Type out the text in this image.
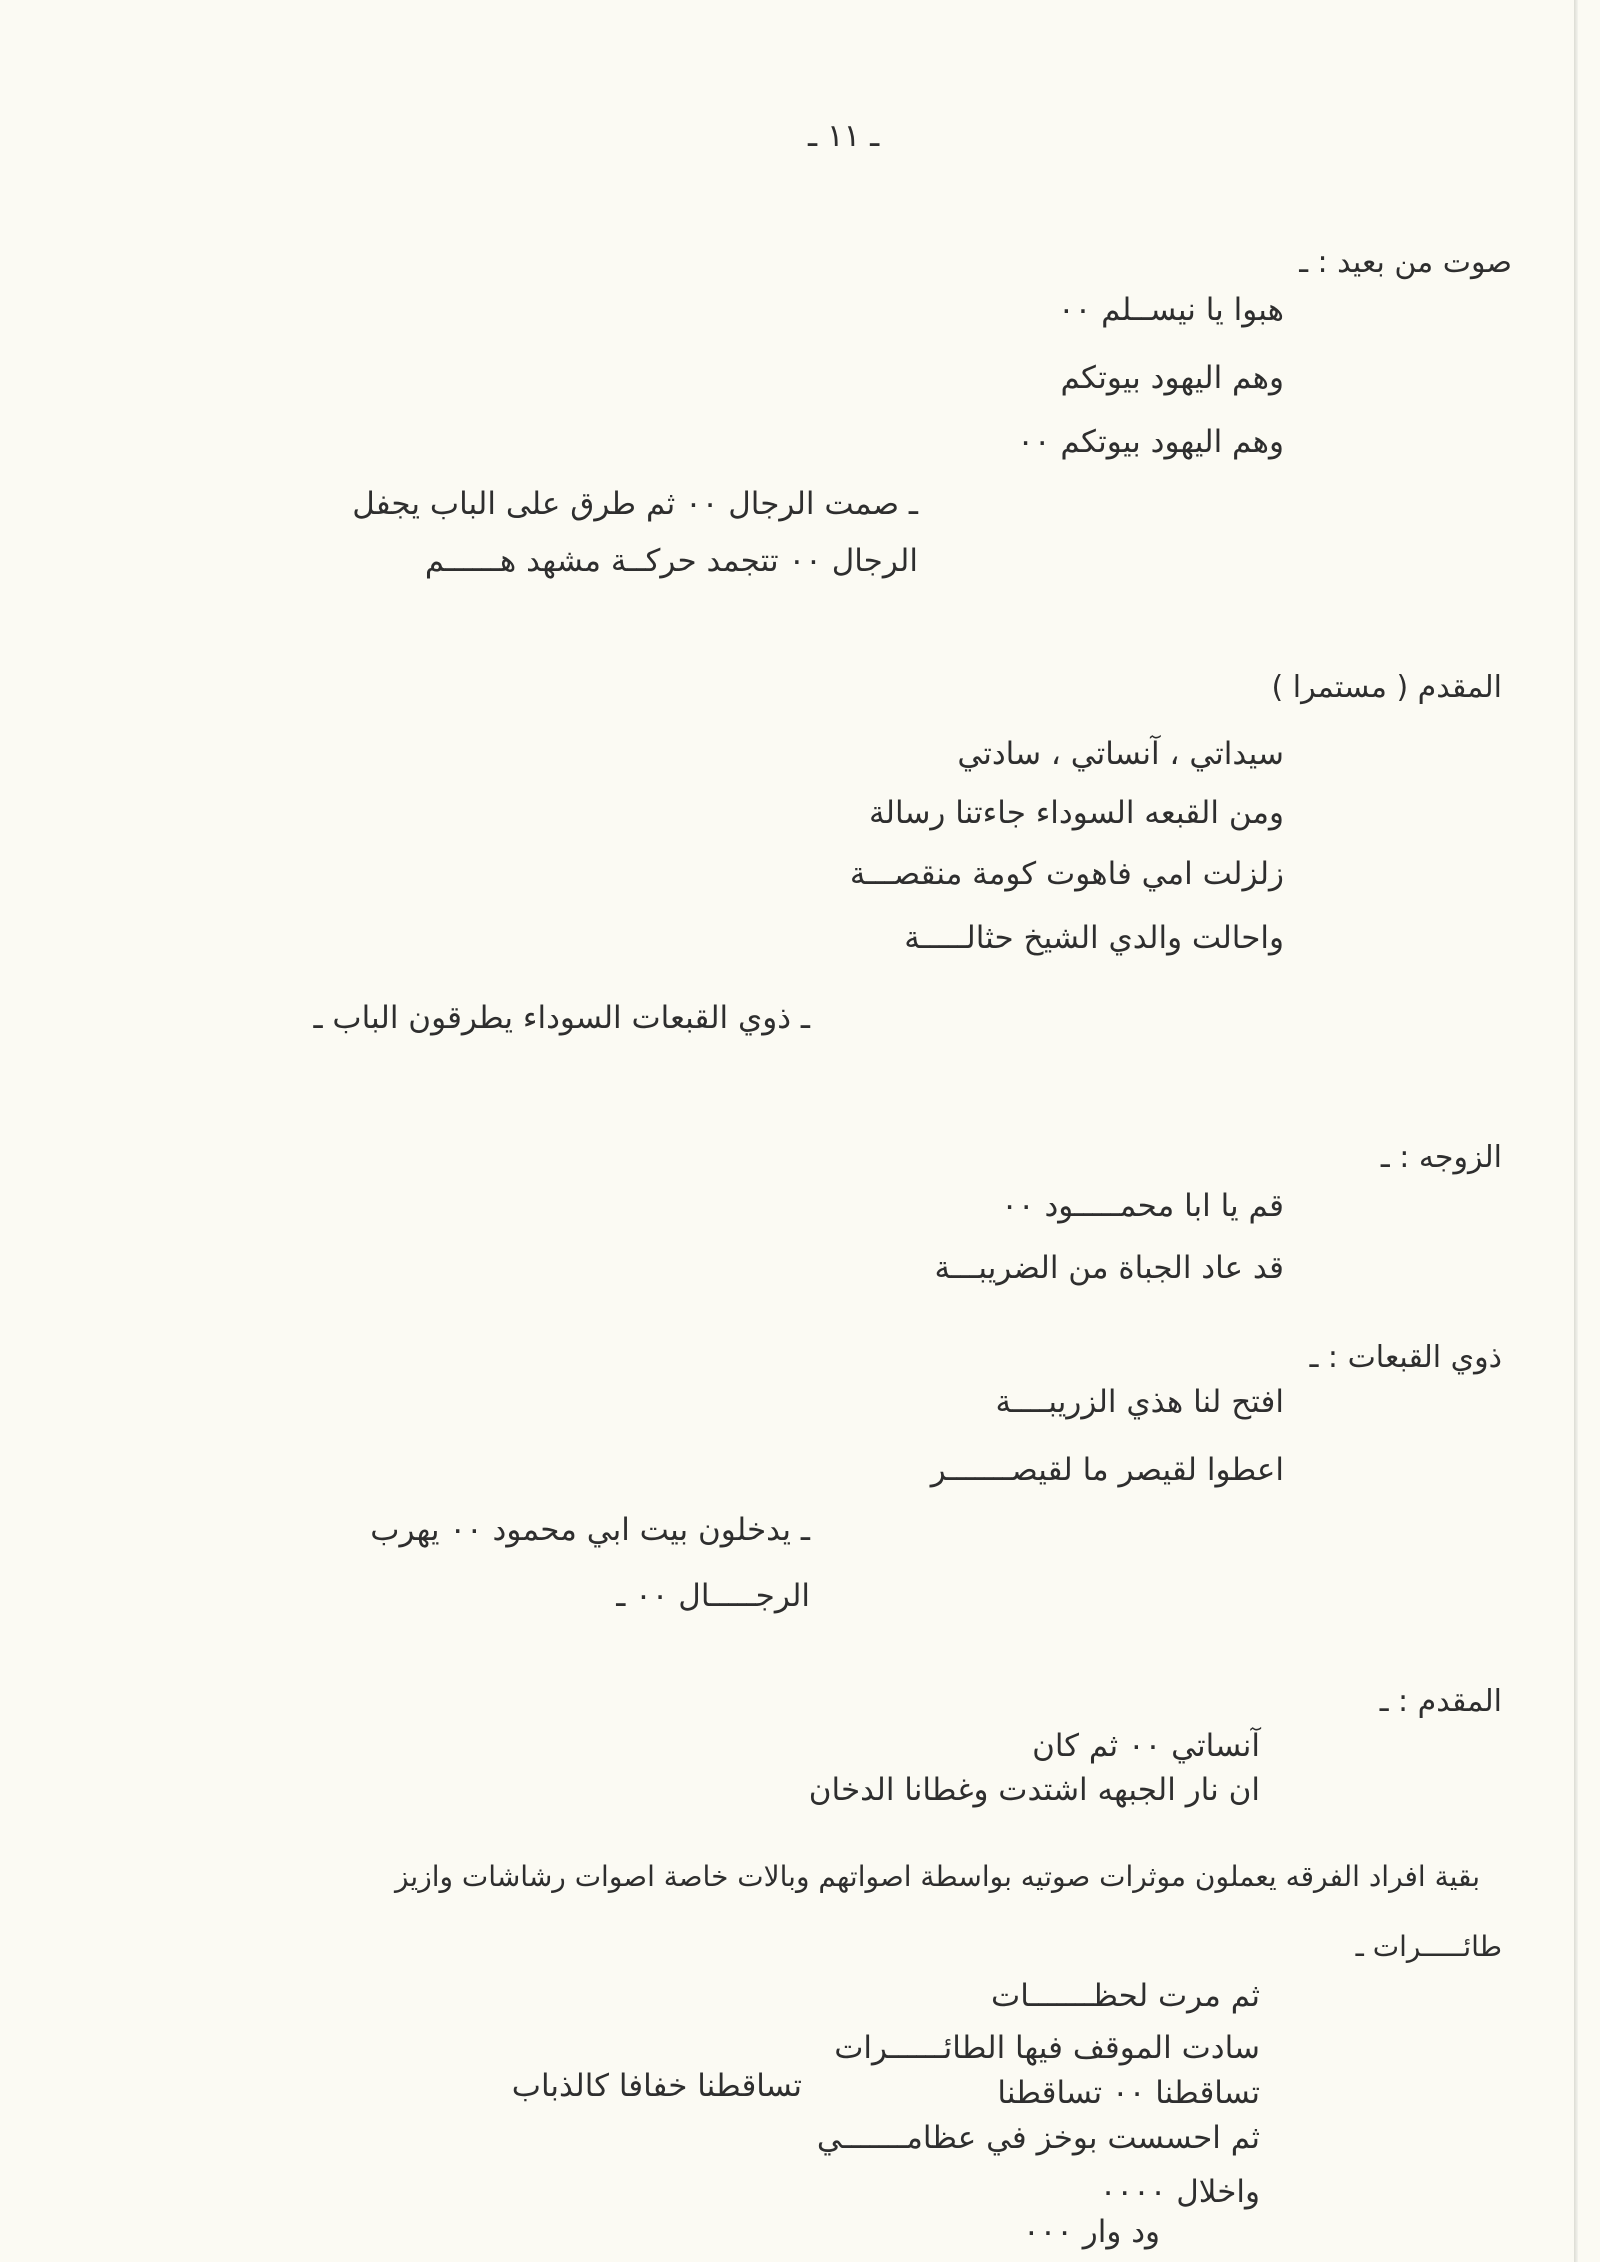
ـ ١١ ـ
صوت من بعيد : ـ
هبوا يا نيســلم ٠٠
وهم اليهود بيوتكم
وهم اليهود بيوتكم ٠٠
ـ صمت الرجال ٠٠ ثم طرق على الباب يجفل
الرجال ٠٠ تتجمد حركــة مشهد هــــــم
المقدم ( مستمرا )
سيداتي ، آنساتي ، سادتي
ومن القبعه السوداء جاءتنا رسالة
زلزلت امي فاهوت كومة منقصـــة
واحالت والدي الشيخ حثالـــــة
ـ ذوي القبعات السوداء يطرقون الباب ـ
الزوجه : ـ
قم يا ابا محمـــــود ٠٠
قد عاد الجباة من الضريبـــة
ذوي القبعات : ـ
افتح لنا هذي الزريبــــة
اعطوا لقيصر ما لقيصـــــــر
ـ يدخلون بيت ابي محمود ٠٠ يهرب
الرجـــــال ٠٠ ـ
المقدم : ـ
آنساتي ٠٠ ثم كان
ان نار الجبهه اشتدت وغطانا الدخان
بقية افراد الفرقه يعملون موثرات صوتيه بواسطة اصواتهم وبالات خاصة اصوات رشاشات وازيز
طائـــــرات ـ
ثم مرت لحظـــــــات
سادت الموقف فيها الطائــــــرات
تساقطنا ٠٠ تساقطنا
تساقطنا خفافا كالذباب
ثم احسست بوخز في عظامـــــــي
واخلال ٠٠٠٠
ود وار ٠٠٠
